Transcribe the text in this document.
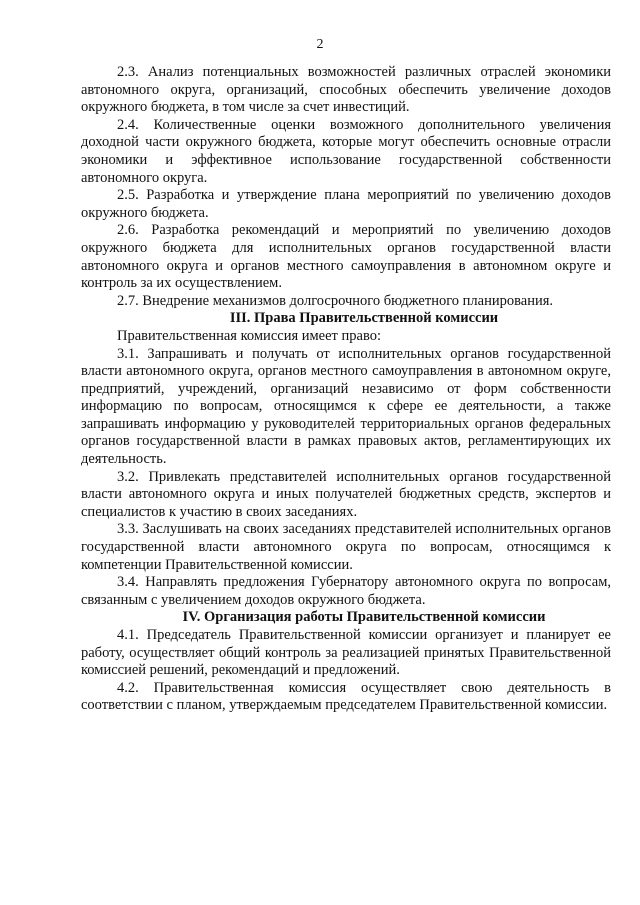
2

2.3. Анализ потенциальных возможностей различных отраслей экономики автономного округа, организаций, способных обеспечить увеличение доходов окружного бюджета, в том числе за счет инвестиций.

2.4. Количественные оценки возможного дополнительного увеличения доходной части окружного бюджета, которые могут обеспечить основные отрасли экономики и эффективное использование государственной собственности автономного округа.

2.5. Разработка и утверждение плана мероприятий по увеличению доходов окружного бюджета.

2.6. Разработка рекомендаций и мероприятий по увеличению доходов окружного бюджета для исполнительных органов государственной власти автономного округа и органов местного самоуправления в автономном округе и контроль за их осуществлением.

2.7. Внедрение механизмов долгосрочного бюджетного планирования.

III. Права Правительственной комиссии

Правительственная комиссия имеет право:

3.1. Запрашивать и получать от исполнительных органов государственной власти автономного округа, органов местного самоуправления в автономном округе, предприятий, учреждений, организаций независимо от форм собственности информацию по вопросам, относящимся к сфере ее деятельности, а также запрашивать информацию у руководителей территориальных органов федеральных органов государственной власти в рамках правовых актов, регламентирующих их деятельность.

3.2. Привлекать представителей исполнительных органов государственной власти автономного округа и иных получателей бюджетных средств, экспертов и специалистов к участию в своих заседаниях.

3.3. Заслушивать на своих заседаниях представителей исполнительных органов государственной власти автономного округа по вопросам, относящимся к компетенции Правительственной комиссии.

3.4. Направлять предложения Губернатору автономного округа по вопросам, связанным с увеличением доходов окружного бюджета.

IV. Организация работы Правительственной комиссии

4.1. Председатель Правительственной комиссии организует и планирует ее работу, осуществляет общий контроль за реализацией принятых Правительственной комиссией решений, рекомендаций и предложений.

4.2. Правительственная комиссия осуществляет свою деятельность в соответствии с планом, утверждаемым председателем Правительственной комиссии.
